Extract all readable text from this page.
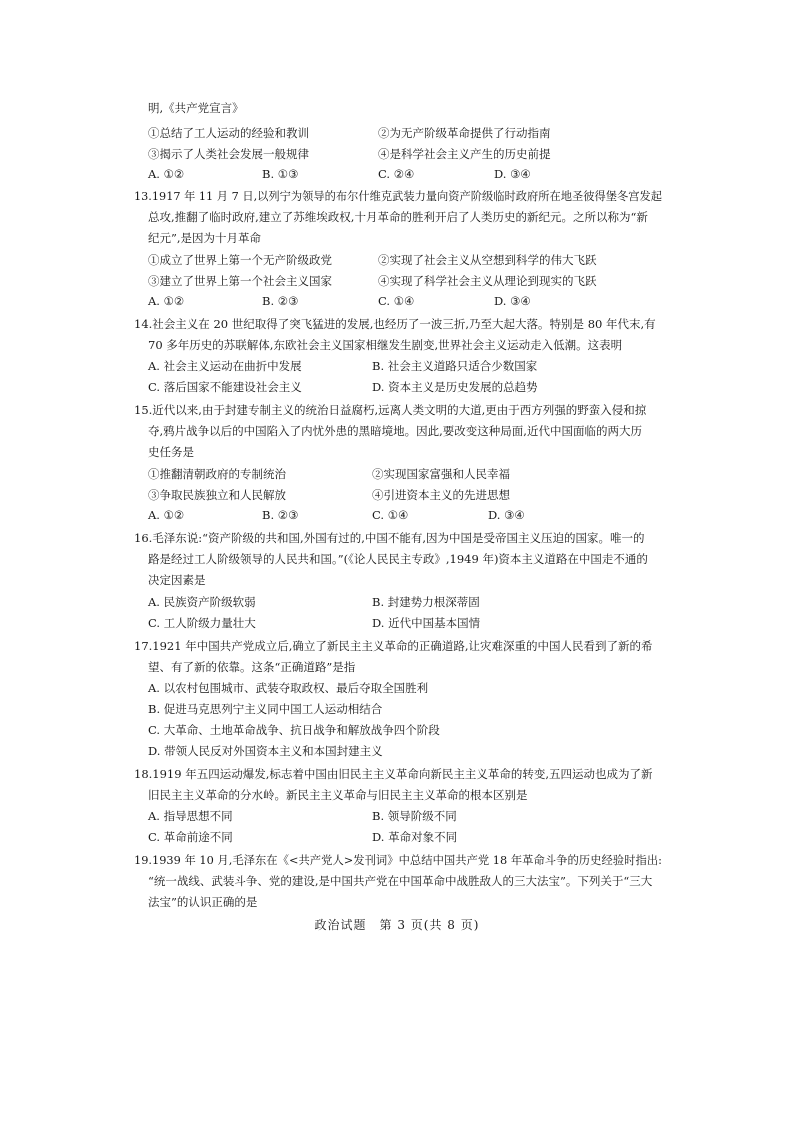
明,《共产党宣言》
①总结了工人运动的经验和教训	②为无产阶级革命提供了行动指南
③揭示了人类社会发展一般规律	④是科学社会主义产生的历史前提
A. ①②	B. ①③	C. ②④	D. ③④
13.1917 年 11 月 7 日,以列宁为领导的布尔什维克武装力量向资产阶级临时政府所在地圣彼得堡冬宫发起
总攻,推翻了临时政府,建立了苏维埃政权,十月革命的胜利开启了人类历史的新纪元。之所以称为“新
纪元”,是因为十月革命
①成立了世界上第一个无产阶级政党	②实现了社会主义从空想到科学的伟大飞跃
③建立了世界上第一个社会主义国家	④实现了科学社会主义从理论到现实的飞跃
A. ①②	B. ②③	C. ①④	D. ③④
14.社会主义在 20 世纪取得了突飞猛进的发展,也经历了一波三折,乃至大起大落。特别是 80 年代末,有
70 多年历史的苏联解体,东欧社会主义国家相继发生剧变,世界社会主义运动走入低潮。这表明
A. 社会主义运动在曲折中发展	B. 社会主义道路只适合少数国家
C. 落后国家不能建设社会主义	D. 资本主义是历史发展的总趋势
15.近代以来,由于封建专制主义的统治日益腐朽,远离人类文明的大道,更由于西方列强的野蛮入侵和掠
夺,鸦片战争以后的中国陷入了内忧外患的黑暗境地。因此,要改变这种局面,近代中国面临的两大历
史任务是
①推翻清朝政府的专制统治	②实现国家富强和人民幸福
③争取民族独立和人民解放	④引进资本主义的先进思想
A. ①②	B. ②③	C. ①④	D. ③④
16.毛泽东说:“资产阶级的共和国,外国有过的,中国不能有,因为中国是受帝国主义压迫的国家。唯一的
路是经过工人阶级领导的人民共和国。”(《论人民民主专政》,1949 年)资本主义道路在中国走不通的
决定因素是
A. 民族资产阶级软弱	B. 封建势力根深蒂固
C. 工人阶级力量壮大	D. 近代中国基本国情
17.1921 年中国共产党成立后,确立了新民主主义革命的正确道路,让灾难深重的中国人民看到了新的希
望、有了新的依靠。这条“正确道路”是指
A. 以农村包围城市、武装夺取政权、最后夺取全国胜利
B. 促进马克思列宁主义同中国工人运动相结合
C. 大革命、土地革命战争、抗日战争和解放战争四个阶段
D. 带领人民反对外国资本主义和本国封建主义
18.1919 年五四运动爆发,标志着中国由旧民主主义革命向新民主主义革命的转变,五四运动也成为了新
旧民主主义革命的分水岭。新民主主义革命与旧民主主义革命的根本区别是
A. 指导思想不同	B. 领导阶级不同
C. 革命前途不同	D. 革命对象不同
19.1939 年 10 月,毛泽东在《<共产党人>发刊词》中总结中国共产党 18 年革命斗争的历史经验时指出:
“统一战线、武装斗争、党的建设,是中国共产党在中国革命中战胜敌人的三大法宝”。下列关于“三大
法宝”的认识正确的是
政治试题　第 3 页(共 8 页)
